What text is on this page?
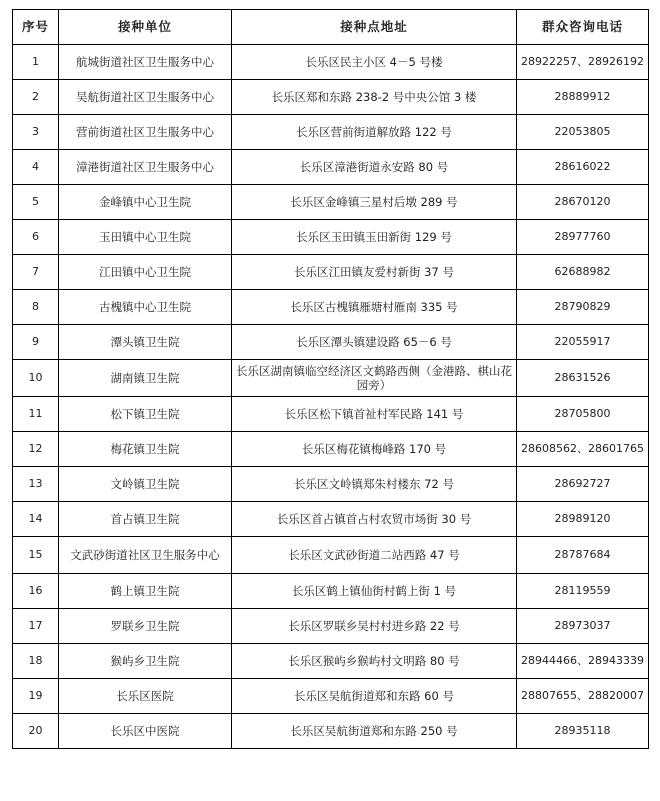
序号	接种单位	接种点地址	群众咨询电话
1	航城街道社区卫生服务中心	长乐区民主小区 4－5 号楼	28922257、28926192
2	吴航街道社区卫生服务中心	长乐区郑和东路 238-2 号中央公馆 3 楼	28889912
3	营前街道社区卫生服务中心	长乐区营前街道解放路 122 号	22053805
4	漳港街道社区卫生服务中心	长乐区漳港街道永安路 80 号	28616022
5	金峰镇中心卫生院	长乐区金峰镇三星村后墩 289 号	28670120
6	玉田镇中心卫生院	长乐区玉田镇玉田新街 129 号	28977760
7	江田镇中心卫生院	长乐区江田镇友爱村新街 37 号	62688982
8	古槐镇中心卫生院	长乐区古槐镇雁塘村雁南 335 号	28790829
9	潭头镇卫生院	长乐区潭头镇建设路 65－6 号	22055917
10	湖南镇卫生院	长乐区湖南镇临空经济区文鹤路西侧（金港路、棋山花园旁）	28631526
11	松下镇卫生院	长乐区松下镇首祉村军民路 141 号	28705800
12	梅花镇卫生院	长乐区梅花镇梅峰路 170 号	28608562、28601765
13	文岭镇卫生院	长乐区文岭镇郑朱村楼东 72 号	28692727
14	首占镇卫生院	长乐区首占镇首占村农贸市场街 30 号	28989120
15	文武砂街道社区卫生服务中心	长乐区文武砂街道二站西路 47 号	28787684
16	鹤上镇卫生院	长乐区鹤上镇仙街村鹤上街 1 号	28119559
17	罗联乡卫生院	长乐区罗联乡吴村村进乡路 22 号	28973037
18	猴屿乡卫生院	长乐区猴屿乡猴屿村文明路 80 号	28944466、28943339
19	长乐区医院	长乐区吴航街道郑和东路 60 号	28807655、28820007
20	长乐区中医院	长乐区吴航街道郑和东路 250 号	28935118
